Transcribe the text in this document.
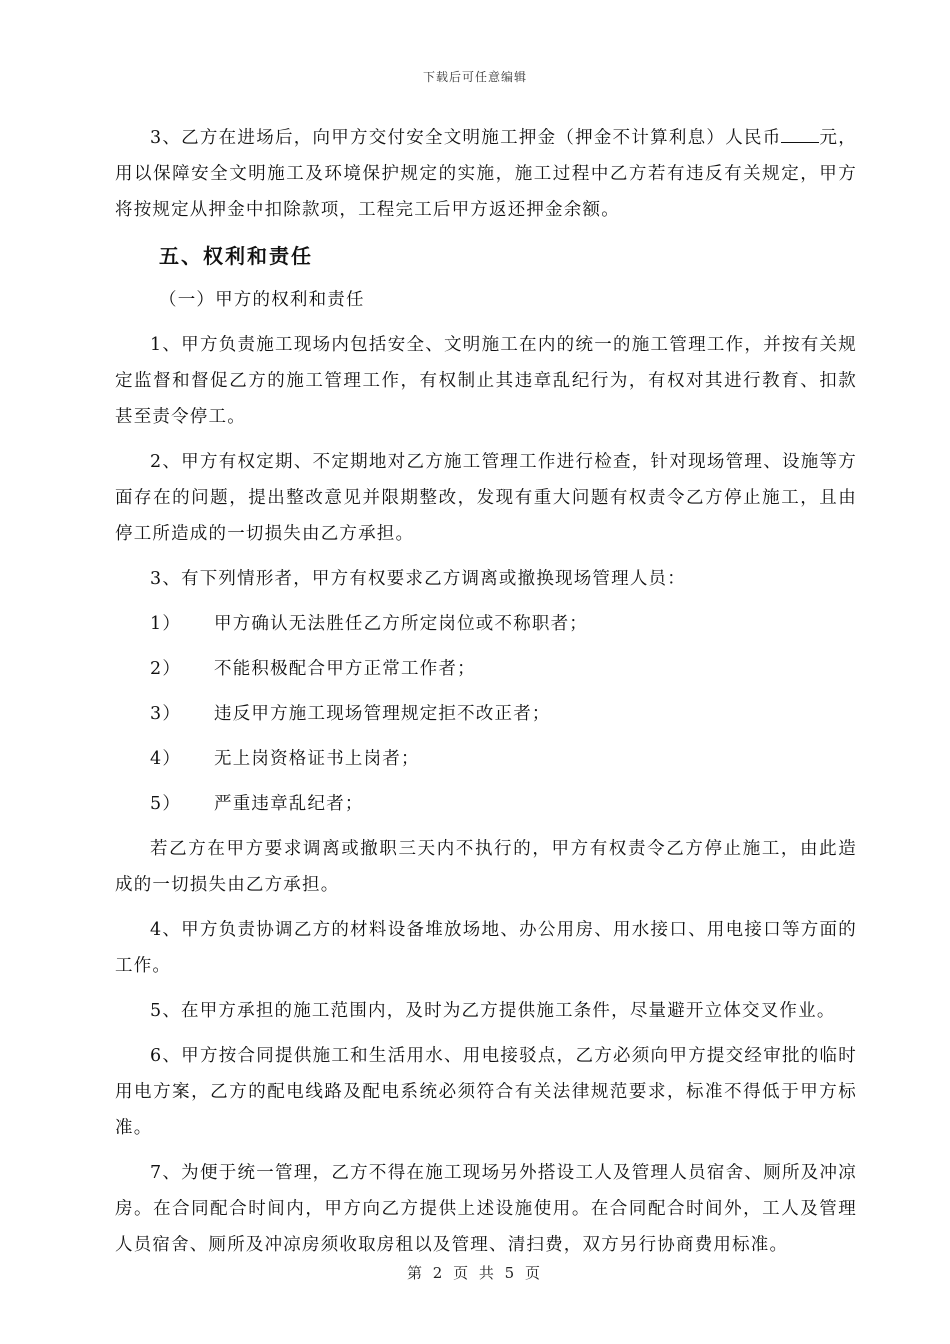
下载后可任意编辑

3、乙方在进场后，向甲方交付安全文明施工押金（押金不计算利息）人民币 元，用以保障安全文明施工及环境保护规定的实施，施工过程中乙方若有违反有关规定，甲方将按规定从押金中扣除款项，工程完工后甲方返还押金余额。

五、权利和责任
（一）甲方的权利和责任

1、甲方负责施工现场内包括安全、文明施工在内的统一的施工管理工作，并按有关规定监督和督促乙方的施工管理工作，有权制止其违章乱纪行为，有权对其进行教育、扣款甚至责令停工。

2、甲方有权定期、不定期地对乙方施工管理工作进行检查，针对现场管理、设施等方面存在的问题，提出整改意见并限期整改，发现有重大问题有权责令乙方停止施工，且由停工所造成的一切损失由乙方承担。

3、有下列情形者，甲方有权要求乙方调离或撤换现场管理人员：

1）	甲方确认无法胜任乙方所定岗位或不称职者；
2）	不能积极配合甲方正常工作者；
3）	违反甲方施工现场管理规定拒不改正者；
4）	无上岗资格证书上岗者；
5）	严重违章乱纪者；

若乙方在甲方要求调离或撤职三天内不执行的，甲方有权责令乙方停止施工，由此造成的一切损失由乙方承担。

4、甲方负责协调乙方的材料设备堆放场地、办公用房、用水接口、用电接口等方面的工作。

5、在甲方承担的施工范围内，及时为乙方提供施工条件，尽量避开立体交叉作业。

6、甲方按合同提供施工和生活用水、用电接驳点，乙方必须向甲方提交经审批的临时用电方案，乙方的配电线路及配电系统必须符合有关法律规范要求，标准不得低于甲方标准。

7、为便于统一管理，乙方不得在施工现场另外搭设工人及管理人员宿舍、厕所及冲凉房。在合同配合时间内，甲方向乙方提供上述设施使用。在合同配合时间外，工人及管理人员宿舍、厕所及冲凉房须收取房租以及管理、清扫费，双方另行协商费用标准。

第 2 页 共 5 页
